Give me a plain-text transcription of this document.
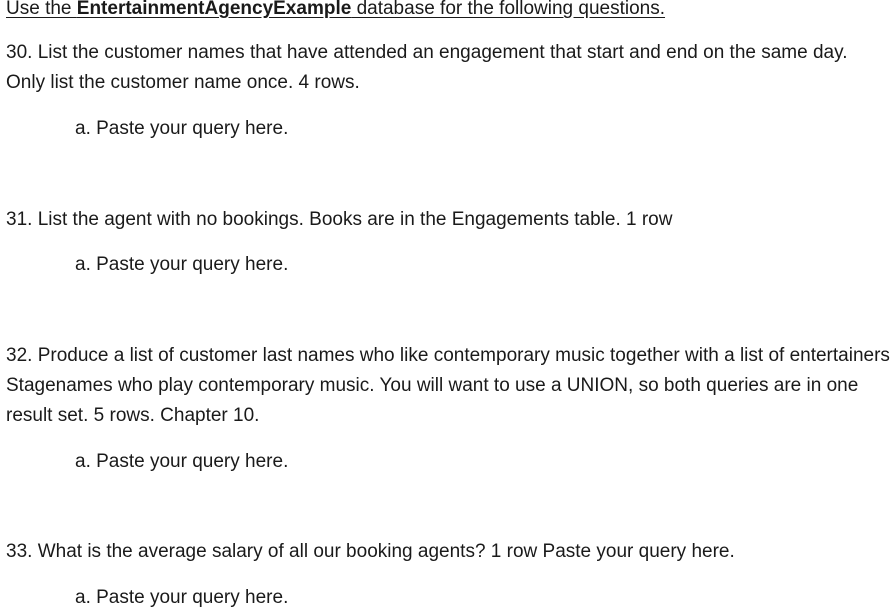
Use the EntertainmentAgencyExample database for the following questions.

30. List the customer names that have attended an engagement that start and end on the same day. Only list the customer name once. 4 rows.

a. Paste your query here.

31. List the agent with no bookings. Books are in the Engagements table. 1 row

a. Paste your query here.

32. Produce a list of customer last names who like contemporary music together with a list of entertainers Stagenames who play contemporary music. You will want to use a UNION, so both queries are in one result set. 5 rows. Chapter 10.

a. Paste your query here.

33. What is the average salary of all our booking agents? 1 row Paste your query here.

a. Paste your query here.
